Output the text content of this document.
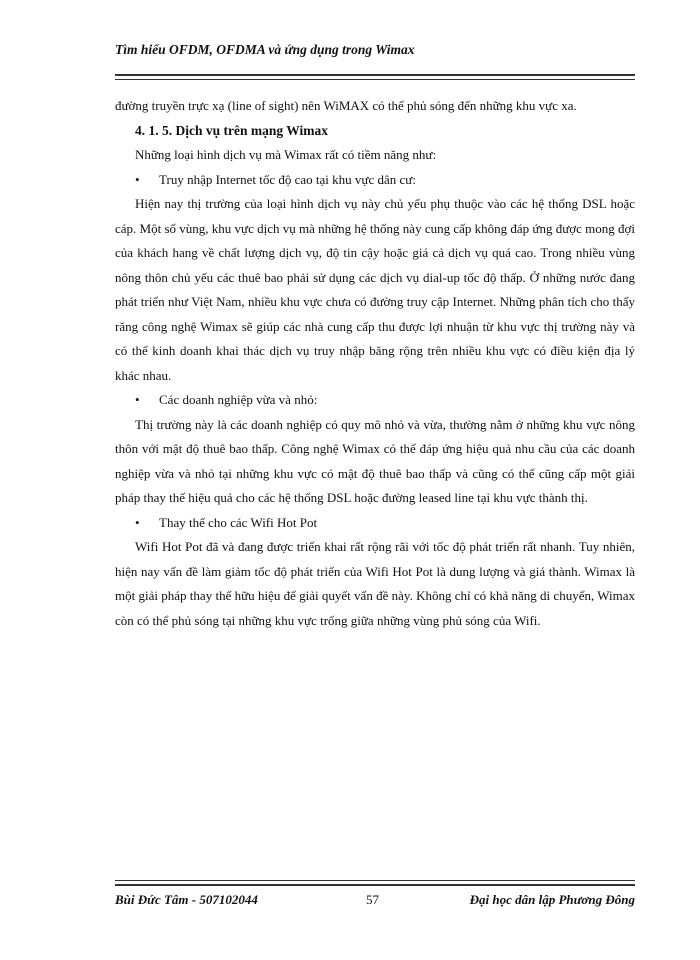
Tìm hiểu OFDM, OFDMA và ứng dụng trong Wimax

đường truyền trực xạ (line of sight) nên WiMAX có thể phủ sóng đến những khu vực xa.

4. 1. 5. Dịch vụ trên mạng Wimax

Những loại hình dịch vụ mà Wimax rất có tiềm năng như:

•
Truy nhập Internet tốc độ cao tại khu vực dân cư:

Hiện nay thị trường của loại hình dịch vụ này chủ yếu phụ thuộc vào các hệ thống DSL hoặc cáp. Một số vùng, khu vực dịch vụ mà những hệ thống này cung cấp không đáp ứng được mong đợi của khách hang về chất lượng dịch vụ, độ tin cậy hoặc giá cả dịch vụ quá cao. Trong nhiều vùng nông thôn chủ yếu các thuê bao phải sử dụng các dịch vụ dial-up tốc độ thấp. Ở những nước đang phát triển như Việt Nam, nhiều khu vực chưa có đường truy cập Internet. Những phân tích cho thấy răng công nghệ Wimax sẽ giúp các nhà cung cấp thu được lợi nhuận từ khu vực thị trường này và có thể kinh doanh khai thác dịch vụ truy nhập băng rộng trên nhiều khu vực có điều kiện địa lý khác nhau.

•
Các doanh nghiệp vừa và nhỏ:

Thị trường này là các doanh nghiệp có quy mô nhỏ và vừa, thường nằm ở những khu vực nông thôn với mật độ thuê bao thấp. Công nghệ Wimax có thể đáp ứng hiệu quả nhu cầu của các doanh nghiệp vừa và nhỏ tại những khu vực có mật độ thuê bao thấp và cũng có thể cũng cấp một giải pháp thay thế hiệu quả cho các hệ thống DSL hoặc đường leased line tại khu vực thành thị.

•
Thay thế cho các Wifi Hot Pot

Wifi Hot Pot đã và đang được triển khai rất rộng rãi với tốc độ phát triển rất nhanh. Tuy nhiên, hiện nay vấn đề làm giảm tốc độ phát triển của Wifi Hot Pot là dung lượng và giá thành. Wimax là một giải pháp thay thế hữu hiệu để giải quyết vấn đề này. Không chỉ có khả năng di chuyển, Wimax còn có thể phủ sóng tại những khu vực trống giữa những vùng phủ sóng của Wifi.

Bùi Đức Tâm - 507102044	57	Đại học dân lập Phương Đông
